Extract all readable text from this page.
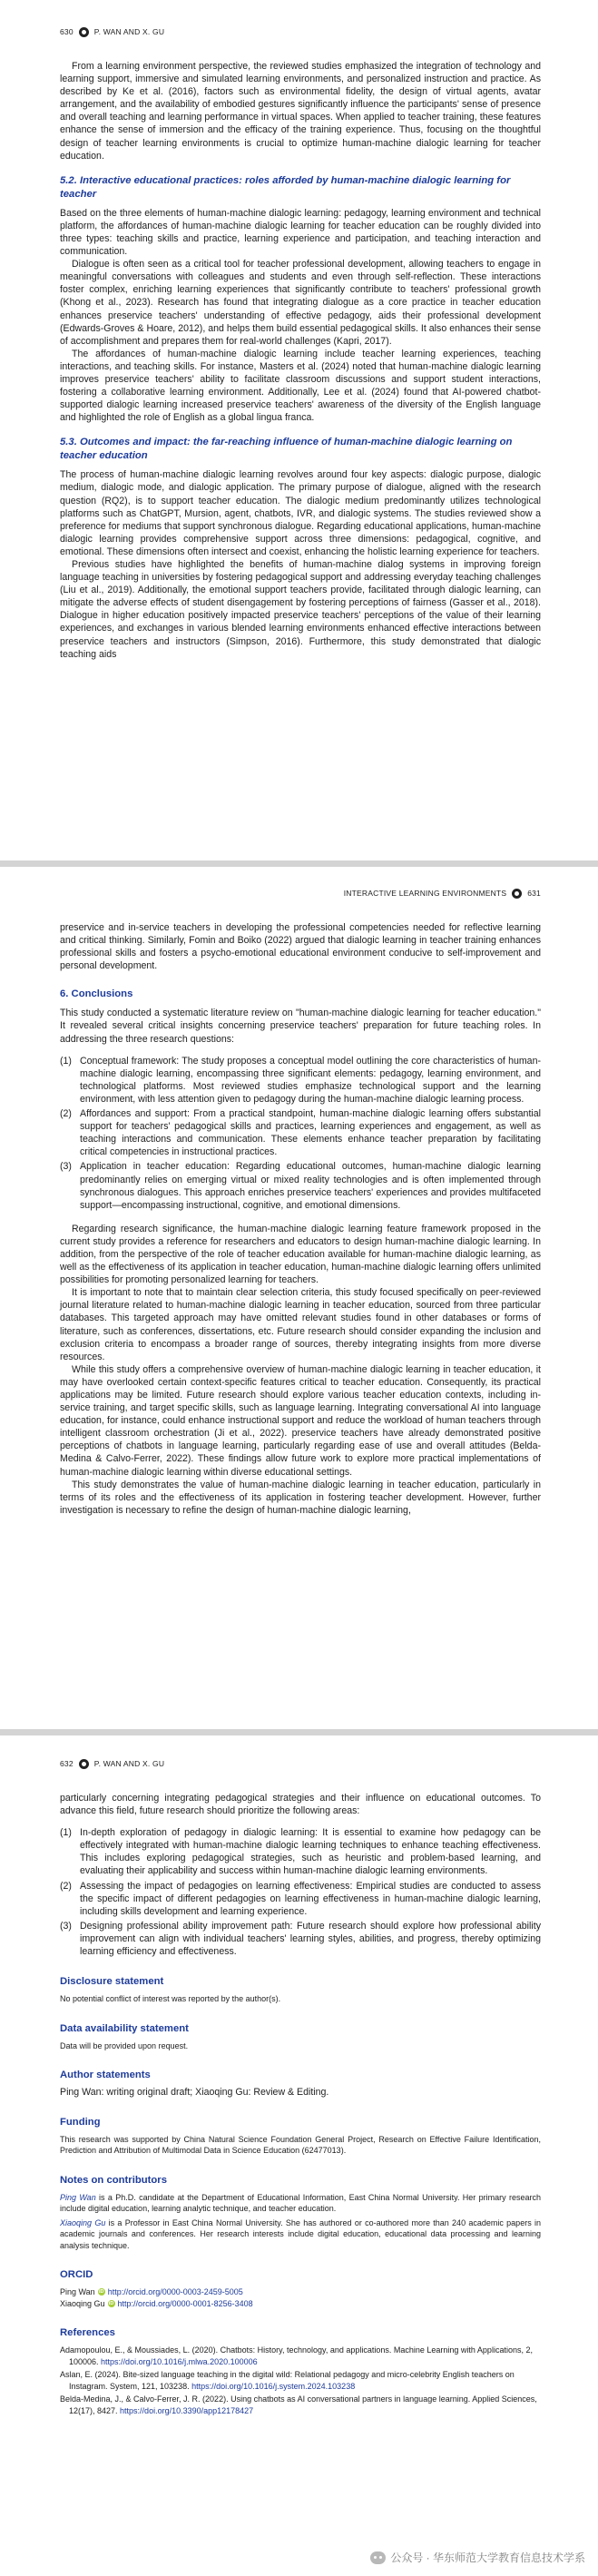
630	P. WAN AND X. GU

From a learning environment perspective, the reviewed studies emphasized the integration of technology and learning support, immersive and simulated learning environments, and personalized instruction and practice. As described by Ke et al. (2016), factors such as environmental fidelity, the design of virtual agents, avatar arrangement, and the availability of embodied gestures significantly influence the participants' sense of presence and overall teaching and learning performance in virtual spaces. When applied to teacher training, these features enhance the sense of immersion and the efficacy of the training experience. Thus, focusing on the thoughtful design of teacher learning environments is crucial to optimize human-machine dialogic learning for teacher education.

5.2. Interactive educational practices: roles afforded by human-machine dialogic learning for teacher

Based on the three elements of human-machine dialogic learning: pedagogy, learning environment and technical platform, the affordances of human-machine dialogic learning for teacher education can be roughly divided into three types: teaching skills and practice, learning experience and participation, and teaching interaction and communication.

Dialogue is often seen as a critical tool for teacher professional development, allowing teachers to engage in meaningful conversations with colleagues and students and even through self-reflection. These interactions foster complex, enriching learning experiences that significantly contribute to teachers' professional growth (Khong et al., 2023). Research has found that integrating dialogue as a core practice in teacher education enhances preservice teachers' understanding of effective pedagogy, aids their professional development (Edwards-Groves & Hoare, 2012), and helps them build essential pedagogical skills. It also enhances their sense of accomplishment and prepares them for real-world challenges (Kapri, 2017).

The affordances of human-machine dialogic learning include teacher learning experiences, teaching interactions, and teaching skills. For instance, Masters et al. (2024) noted that human-machine dialogic learning improves preservice teachers' ability to facilitate classroom discussions and support student interactions, fostering a collaborative learning environment. Additionally, Lee et al. (2024) found that AI-powered chatbot-supported dialogic learning increased preservice teachers' awareness of the diversity of the English language and highlighted the role of English as a global lingua franca.

5.3. Outcomes and impact: the far-reaching influence of human-machine dialogic learning on teacher education

The process of human-machine dialogic learning revolves around four key aspects: dialogic purpose, dialogic medium, dialogic mode, and dialogic application. The primary purpose of dialogue, aligned with the research question (RQ2), is to support teacher education. The dialogic medium predominantly utilizes technological platforms such as ChatGPT, Mursion, agent, chatbots, IVR, and dialogic systems. The studies reviewed show a preference for mediums that support synchronous dialogue. Regarding educational applications, human-machine dialogic learning provides comprehensive support across three dimensions: pedagogical, cognitive, and emotional. These dimensions often intersect and coexist, enhancing the holistic learning experience for teachers.

Previous studies have highlighted the benefits of human-machine dialog systems in improving foreign language teaching in universities by fostering pedagogical support and addressing everyday teaching challenges (Liu et al., 2019). Additionally, the emotional support teachers provide, facilitated through dialogic learning, can mitigate the adverse effects of student disengagement by fostering perceptions of fairness (Gasser et al., 2018). Dialogue in higher education positively impacted preservice teachers' perceptions of the value of their learning experiences, and exchanges in various blended learning environments enhanced effective interactions between preservice teachers and instructors (Simpson, 2016). Furthermore, this study demonstrated that dialogic teaching aids

INTERACTIVE LEARNING ENVIRONMENTS	631

preservice and in-service teachers in developing the professional competencies needed for reflective learning and critical thinking. Similarly, Fomin and Boiko (2022) argued that dialogic learning in teacher training enhances professional skills and fosters a psycho-emotional educational environment conducive to self-improvement and personal development.

6. Conclusions

This study conducted a systematic literature review on "human-machine dialogic learning for teacher education." It revealed several critical insights concerning preservice teachers' preparation for future teaching roles. In addressing the three research questions:

(1) Conceptual framework: The study proposes a conceptual model outlining the core characteristics of human-machine dialogic learning, encompassing three significant elements: pedagogy, learning environment, and technological platforms. Most reviewed studies emphasize technological support and the learning environment, with less attention given to pedagogy during the human-machine dialogic learning process.
(2) Affordances and support: From a practical standpoint, human-machine dialogic learning offers substantial support for teachers' pedagogical skills and practices, learning experiences and engagement, as well as teaching interactions and communication. These elements enhance teacher preparation by facilitating critical competencies in instructional practices.
(3) Application in teacher education: Regarding educational outcomes, human-machine dialogic learning predominantly relies on emerging virtual or mixed reality technologies and is often implemented through synchronous dialogues. This approach enriches preservice teachers' experiences and provides multifaceted support—encompassing instructional, cognitive, and emotional dimensions.

Regarding research significance, the human-machine dialogic learning feature framework proposed in the current study provides a reference for researchers and educators to design human-machine dialogic learning. In addition, from the perspective of the role of teacher education available for human-machine dialogic learning, as well as the effectiveness of its application in teacher education, human-machine dialogic learning offers unlimited possibilities for promoting personalized learning for teachers.

It is important to note that to maintain clear selection criteria, this study focused specifically on peer-reviewed journal literature related to human-machine dialogic learning in teacher education, sourced from three particular databases. This targeted approach may have omitted relevant studies found in other databases or forms of literature, such as conferences, dissertations, etc. Future research should consider expanding the inclusion and exclusion criteria to encompass a broader range of sources, thereby integrating insights from more diverse resources.

While this study offers a comprehensive overview of human-machine dialogic learning in teacher education, it may have overlooked certain context-specific features critical to teacher education. Consequently, its practical applications may be limited. Future research should explore various teacher education contexts, including in-service training, and target specific skills, such as language learning. Integrating conversational AI into language education, for instance, could enhance instructional support and reduce the workload of human teachers through intelligent classroom orchestration (Ji et al., 2022). preservice teachers have already demonstrated positive perceptions of chatbots in language learning, particularly regarding ease of use and overall attitudes (Belda-Medina & Calvo-Ferrer, 2022). These findings allow future work to explore more practical implementations of human-machine dialogic learning within diverse educational settings.

This study demonstrates the value of human-machine dialogic learning in teacher education, particularly in terms of its roles and the effectiveness of its application in fostering teacher development. However, further investigation is necessary to refine the design of human-machine dialogic learning,

632	P. WAN AND X. GU

particularly concerning integrating pedagogical strategies and their influence on educational outcomes. To advance this field, future research should prioritize the following areas:

(1) In-depth exploration of pedagogy in dialogic learning: It is essential to examine how pedagogy can be effectively integrated with human-machine dialogic learning techniques to enhance teaching effectiveness. This includes exploring pedagogical strategies, such as heuristic and problem-based learning, and evaluating their applicability and success within human-machine dialogic learning environments.
(2) Assessing the impact of pedagogies on learning effectiveness: Empirical studies are conducted to assess the specific impact of different pedagogies on learning effectiveness in human-machine dialogic learning, including skills development and learning experience.
(3) Designing professional ability improvement path: Future research should explore how professional ability improvement can align with individual teachers' learning styles, abilities, and progress, thereby optimizing learning efficiency and effectiveness.
Disclosure statement

No potential conflict of interest was reported by the author(s).

Data availability statement

Data will be provided upon request.

Author statements

Ping Wan: writing original draft; Xiaoqing Gu: Review & Editing.

Funding

This research was supported by China Natural Science Foundation General Project, Research on Effective Failure Identification, Prediction and Attribution of Multimodal Data in Science Education (62477013).

Notes on contributors

Ping Wan is a Ph.D. candidate at the Department of Educational Information, East China Normal University. Her primary research include digital education, learning analytic technique, and teacher education.

Xiaoqing Gu is a Professor in East China Normal University. She has authored or co-authored more than 240 academic papers in academic journals and conferences. Her research interests include digital education, educational data processing and learning analysis technique.

ORCID
Ping Wan iD http://orcid.org/0000-0003-2459-5005
Xiaoqing Gu iD http://orcid.org/0000-0001-8256-3408
References

Adamopoulou, E., & Moussiades, L. (2020). Chatbots: History, technology, and applications. Machine Learning with Applications, 2, 100006. https://doi.org/10.1016/j.mlwa.2020.100006

Aslan, E. (2024). Bite-sized language teaching in the digital wild: Relational pedagogy and micro-celebrity English teachers on Instagram. System, 121, 103238. https://doi.org/10.1016/j.system.2024.103238

Belda-Medina, J., & Calvo-Ferrer, J. R. (2022). Using chatbots as AI conversational partners in language learning. Applied Sciences, 12(17), 8427. https://doi.org/10.3390/app12178427

公众号 · 华东师范大学教育信息技术学系
